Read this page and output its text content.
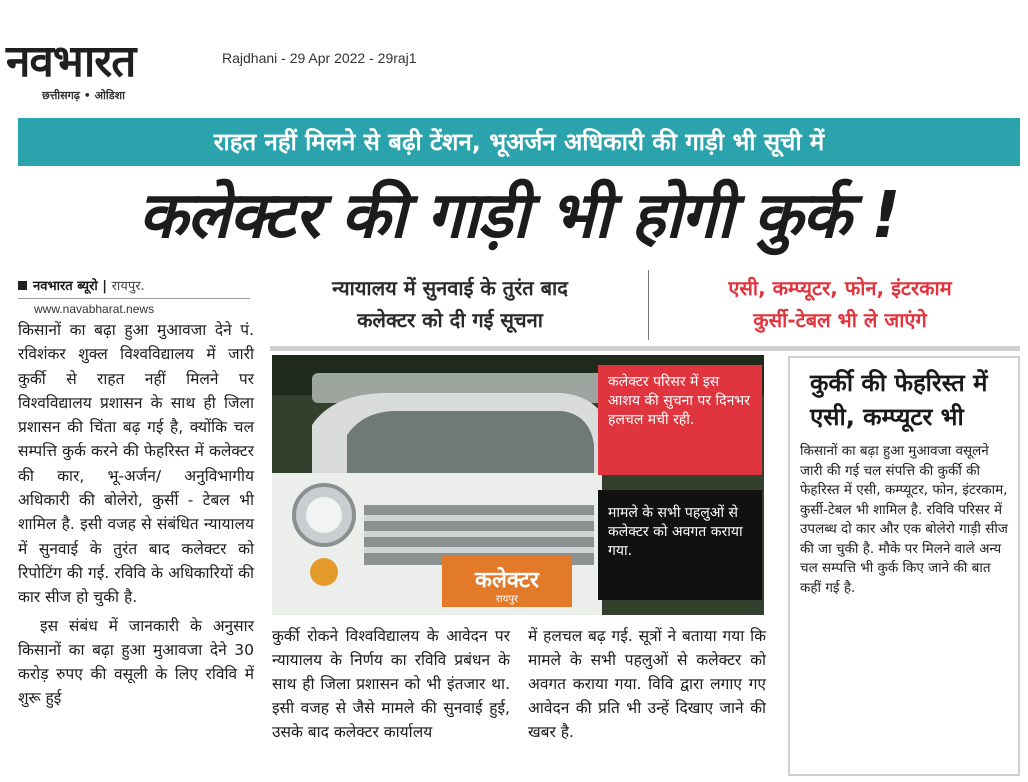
नवभारत
छत्तीसगढ़ • ओडिशा
Rajdhani - 29 Apr 2022 - 29raj1
राहत नहीं मिलने से बढ़ी टेंशन, भूअर्जन अधिकारी की गाड़ी भी सूची में
कलेक्टर की गाड़ी भी होगी कुर्क !
नवभारत ब्यूरो | रायपुर.
www.navabharat.news
न्यायालय में सुनवाई के तुरंत बाद
कलेक्टर को दी गई सूचना
एसी, कम्प्यूटर, फोन, इंटरकाम
कुर्सी-टेबल भी ले जाएंगे

किसानों का बढ़ा हुआ मुआवजा देने पं. रविशंकर शुक्ल विश्वविद्यालय में जारी कुर्की से राहत नहीं मिलने पर विश्वविद्यालय प्रशासन के साथ ही जिला प्रशासन की चिंता बढ़ गई है, क्योंकि चल सम्पत्ति कुर्क करने की फेहरिस्त में कलेक्टर की कार, भू-अर्जन/ अनुविभागीय अधिकारी की बोलेरो, कुर्सी - टेबल भी शामिल है. इसी वजह से संबंधित न्यायालय में सुनवाई के तुरंत बाद कलेक्टर को रिपोटिंग की गई. रविवि के अधिकारियों की कार सीज हो चुकी है.

इस संबंध में जानकारी के अनुसार किसानों का बढ़ा हुआ मुआवजा देने 30 करोड़ रुपए की वसूली के लिए रविवि में शुरू हुई

कलेक्टर
रायपुर
कलेक्टर परिसर में इस आशय की सुचना पर दिनभर हलचल मची रही.
मामले के सभी पहलुओं से कलेक्टर को अवगत कराया गया.
कुर्की रोकने विश्वविद्यालय के आवेदन पर न्यायालय के निर्णय का रविवि प्रबंधन के साथ ही जिला प्रशासन को भी इंतजार था. इसी वजह से जैसे मामले की सुनवाई हुई, उसके बाद कलेक्टर कार्यालय
में हलचल बढ़ गई. सूत्रों ने बताया गया कि मामले के सभी पहलुओं से कलेक्टर को अवगत कराया गया. विवि द्वारा लगाए गए आवेदन की प्रति भी उन्हें दिखाए जाने की खबर है.
कुर्की की फेहरिस्त में एसी, कम्प्यूटर भी
किसानों का बढ़ा हुआ मुआवजा वसूलने जारी की गई चल संपत्ति की कुर्की की फेहरिस्त में एसी, कम्प्यूटर, फोन, इंटरकाम, कुर्सी-टेबल भी शामिल है. रविवि परिसर में उपलब्ध दो कार और एक बोलेरो गाड़ी सीज की जा चुकी है. मौके पर मिलने वाले अन्य चल सम्पत्ति भी कुर्क किए जाने की बात कहीं गई है.
